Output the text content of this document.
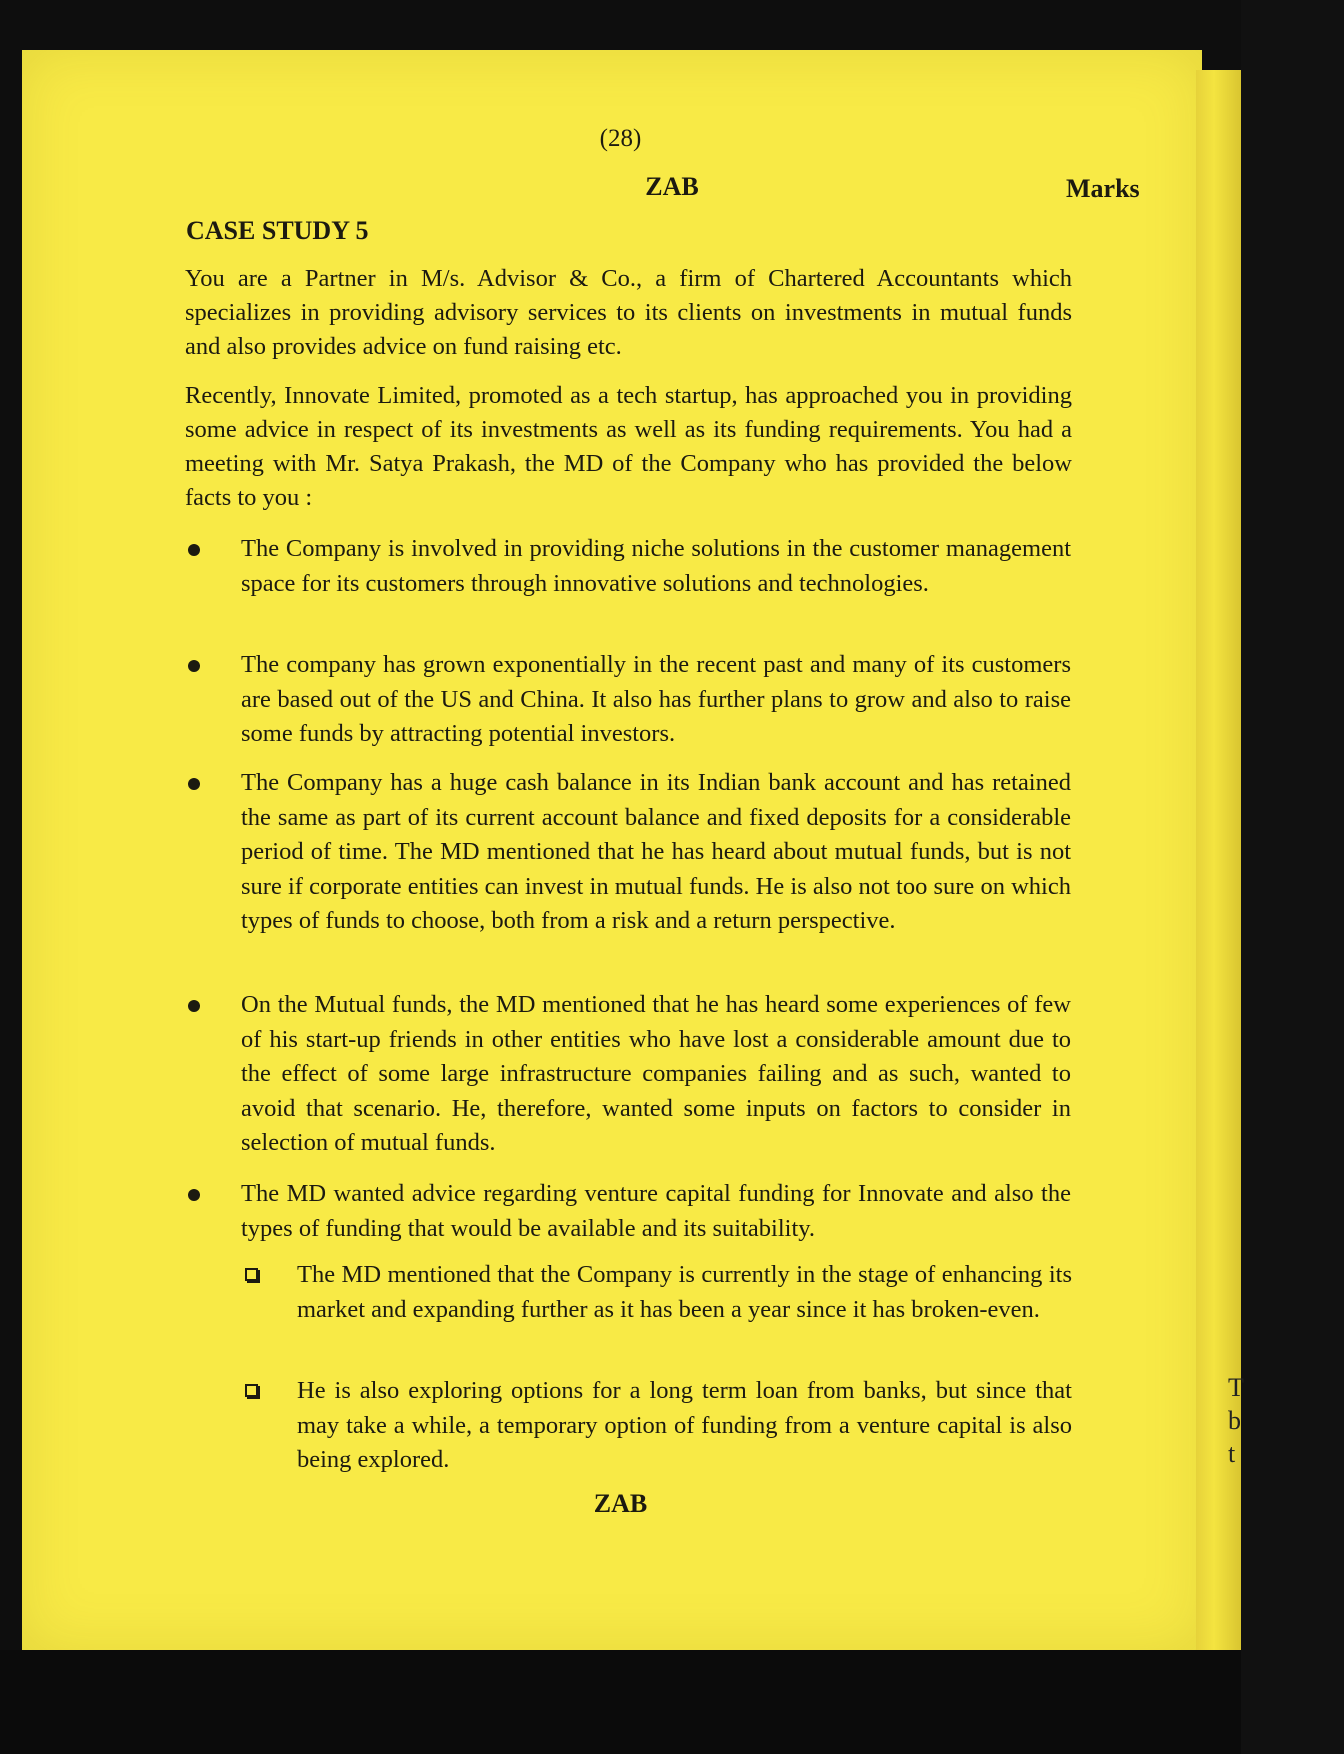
T
b
t

(28)

ZAB	Marks

CASE STUDY 5

You are a Partner in M/s. Advisor & Co., a firm of Chartered Accountants which specializes in providing advisory services to its clients on investments in mutual funds and also provides advice on fund raising etc.

Recently, Innovate Limited, promoted as a tech startup, has approached you in providing some advice in respect of its investments as well as its funding requirements. You had a meeting with Mr. Satya Prakash, the MD of the Company who has provided the below facts to you :

The Company is involved in providing niche solutions in the customer management space for its customers through innovative solutions and technologies.

The company has grown exponentially in the recent past and many of its customers are based out of the US and China. It also has further plans to grow and also to raise some funds by attracting potential investors.

The Company has a huge cash balance in its Indian bank account and has retained the same as part of its current account balance and fixed deposits for a considerable period of time. The MD mentioned that he has heard about mutual funds, but is not sure if corporate entities can invest in mutual funds. He is also not too sure on which types of funds to choose, both from a risk and a return perspective.

On the Mutual funds, the MD mentioned that he has heard some experiences of few of his start-up friends in other entities who have lost a considerable amount due to the effect of some large infrastructure companies failing and as such, wanted to avoid that scenario. He, therefore, wanted some inputs on factors to consider in selection of mutual funds.

The MD wanted advice regarding venture capital funding for Innovate and also the types of funding that would be available and its suitability.

The MD mentioned that the Company is currently in the stage of enhancing its market and expanding further as it has been a year since it has broken-even.

He is also exploring options for a long term loan from banks, but since that may take a while, a temporary option of funding from a venture capital is also being explored.

ZAB
